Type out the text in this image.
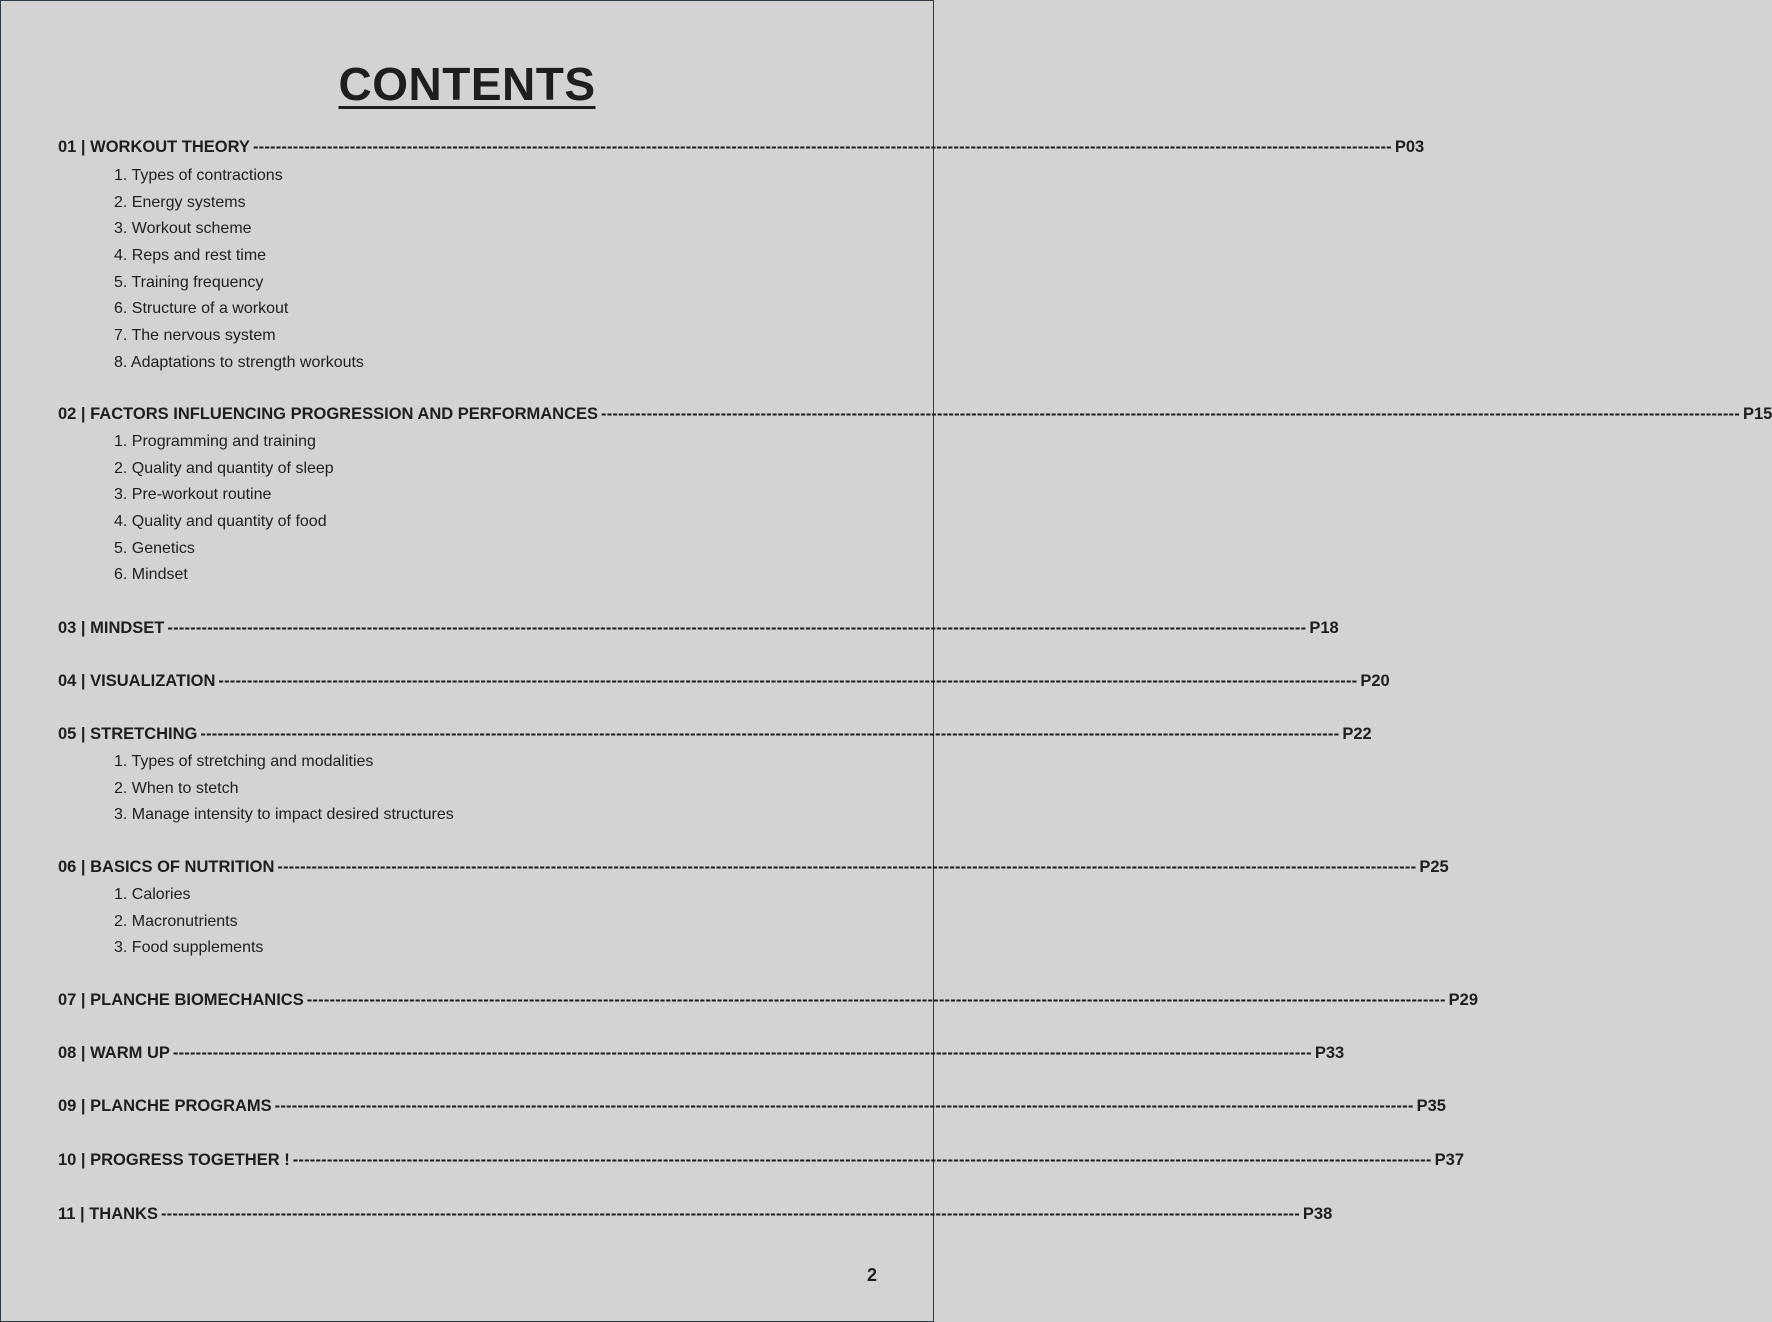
CONTENTS
01 | WORKOUT THEORY -------------------------------------------------------------------------------------------------------------------------------------------------------------------------------------------------------- P03
1. Types of contractions
2. Energy systems
3. Workout scheme
4. Reps and rest time
5. Training frequency
6. Structure of a workout
7. The nervous system
8. Adaptations to strength workouts
02 | FACTORS INFLUENCING PROGRESSION AND PERFORMANCES -------------------------------------------------------------------------------------------------------------------------------------------------------------------------------------------------------- P15
1. Programming and training
2. Quality and quantity of sleep
3. Pre-workout routine
4. Quality and quantity of food
5. Genetics
6. Mindset
03 | MINDSET -------------------------------------------------------------------------------------------------------------------------------------------------------------------------------------------------------- P18
04 | VISUALIZATION -------------------------------------------------------------------------------------------------------------------------------------------------------------------------------------------------------- P20
05 | STRETCHING -------------------------------------------------------------------------------------------------------------------------------------------------------------------------------------------------------- P22
1. Types of stretching and modalities
2. When to stetch
3. Manage intensity to impact desired structures
06 | BASICS OF NUTRITION -------------------------------------------------------------------------------------------------------------------------------------------------------------------------------------------------------- P25
1. Calories
2. Macronutrients
3. Food supplements
07 | PLANCHE BIOMECHANICS -------------------------------------------------------------------------------------------------------------------------------------------------------------------------------------------------------- P29
08 | WARM UP -------------------------------------------------------------------------------------------------------------------------------------------------------------------------------------------------------- P33
09 | PLANCHE PROGRAMS -------------------------------------------------------------------------------------------------------------------------------------------------------------------------------------------------------- P35
10 | PROGRESS TOGETHER ! -------------------------------------------------------------------------------------------------------------------------------------------------------------------------------------------------------- P37
11 | THANKS -------------------------------------------------------------------------------------------------------------------------------------------------------------------------------------------------------- P38
2
